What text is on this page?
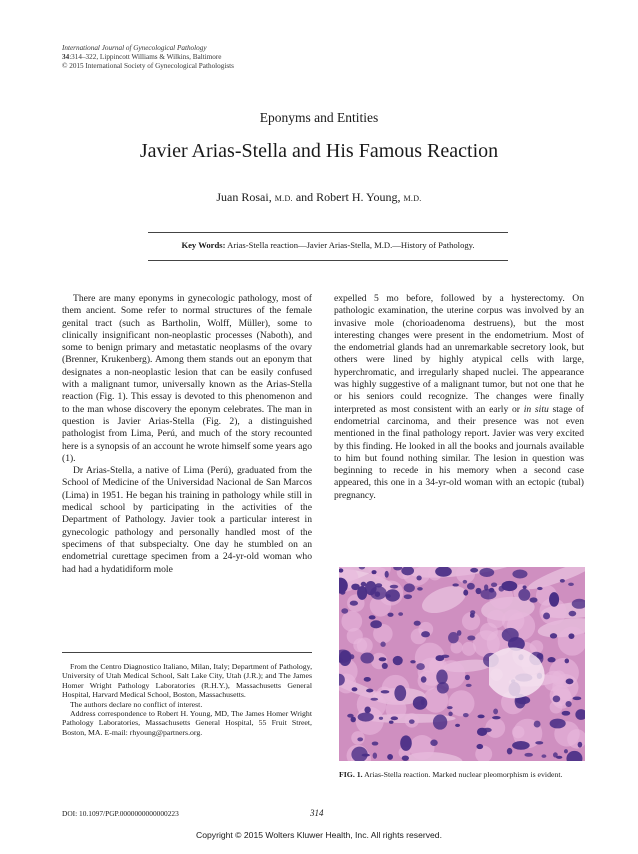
International Journal of Gynecological Pathology
34:314–322, Lippincott Williams & Wilkins, Baltimore
© 2015 International Society of Gynecological Pathologists
Eponyms and Entities
Javier Arias-Stella and His Famous Reaction
Juan Rosai, M.D. and Robert H. Young, M.D.
Key Words: Arias-Stella reaction—Javier Arias-Stella, M.D.—History of Pathology.

There are many eponyms in gynecologic pathology, most of them ancient. Some refer to normal structures of the female genital tract (such as Bartholin, Wolff, Müller), some to clinically insignificant non-neoplastic processes (Naboth), and some to benign primary and metastatic neoplasms of the ovary (Brenner, Krukenberg). Among them stands out an eponym that designates a non-neoplastic lesion that can be easily confused with a malignant tumor, universally known as the Arias-Stella reaction (Fig. 1). This essay is devoted to this phenomenon and to the man whose discovery the eponym celebrates. The man in question is Javier Arias-Stella (Fig. 2), a distinguished pathologist from Lima, Perú, and much of the story recounted here is a synopsis of an account he wrote himself some years ago (1).

Dr Arias-Stella, a native of Lima (Perú), graduated from the School of Medicine of the Universidad Nacional de San Marcos (Lima) in 1951. He began his training in pathology while still in medical school by participating in the activities of the Department of Pathology. Javier took a particular interest in gynecologic pathology and personally handled most of the specimens of that subspecialty. One day he stumbled on an endometrial curettage specimen from a 24-yr-old woman who had had a hydatidiform mole

expelled 5 mo before, followed by a hysterectomy. On pathologic examination, the uterine corpus was involved by an invasive mole (chorioadenoma destruens), but the most interesting changes were present in the endometrium. Most of the endometrial glands had an unremarkable secretory look, but others were lined by highly atypical cells with large, hyperchromatic, and irregularly shaped nuclei. The appearance was highly suggestive of a malignant tumor, but not one that he or his seniors could recognize. The changes were finally interpreted as most consistent with an early or in situ stage of endometrial carcinoma, and their presence was not even mentioned in the final pathology report. Javier was very excited by this finding. He looked in all the books and journals available to him but found nothing similar. The lesion in question was beginning to recede in his memory when a second case appeared, this one in a 34-yr-old woman with an ectopic (tubal) pregnancy.

From the Centro Diagnostico Italiano, Milan, Italy; Department of Pathology, University of Utah Medical School, Salt Lake City, Utah (J.R.); and The James Homer Wright Pathology Laboratories (R.H.Y.), Massachusetts General Hospital, Harvard Medical School, Boston, Massachusetts.

The authors declare no conflict of interest.

Address correspondence to Robert H. Young, MD, The James Homer Wright Pathology Laboratories, Massachusetts General Hospital, 55 Fruit Street, Boston, MA. E-mail: rhyoung@partners.org.

FIG. 1. Arias-Stella reaction. Marked nuclear pleomorphism is evident.
DOI: 10.1097/PGP.0000000000000223	314
Copyright © 2015 Wolters Kluwer Health, Inc. All rights reserved.
